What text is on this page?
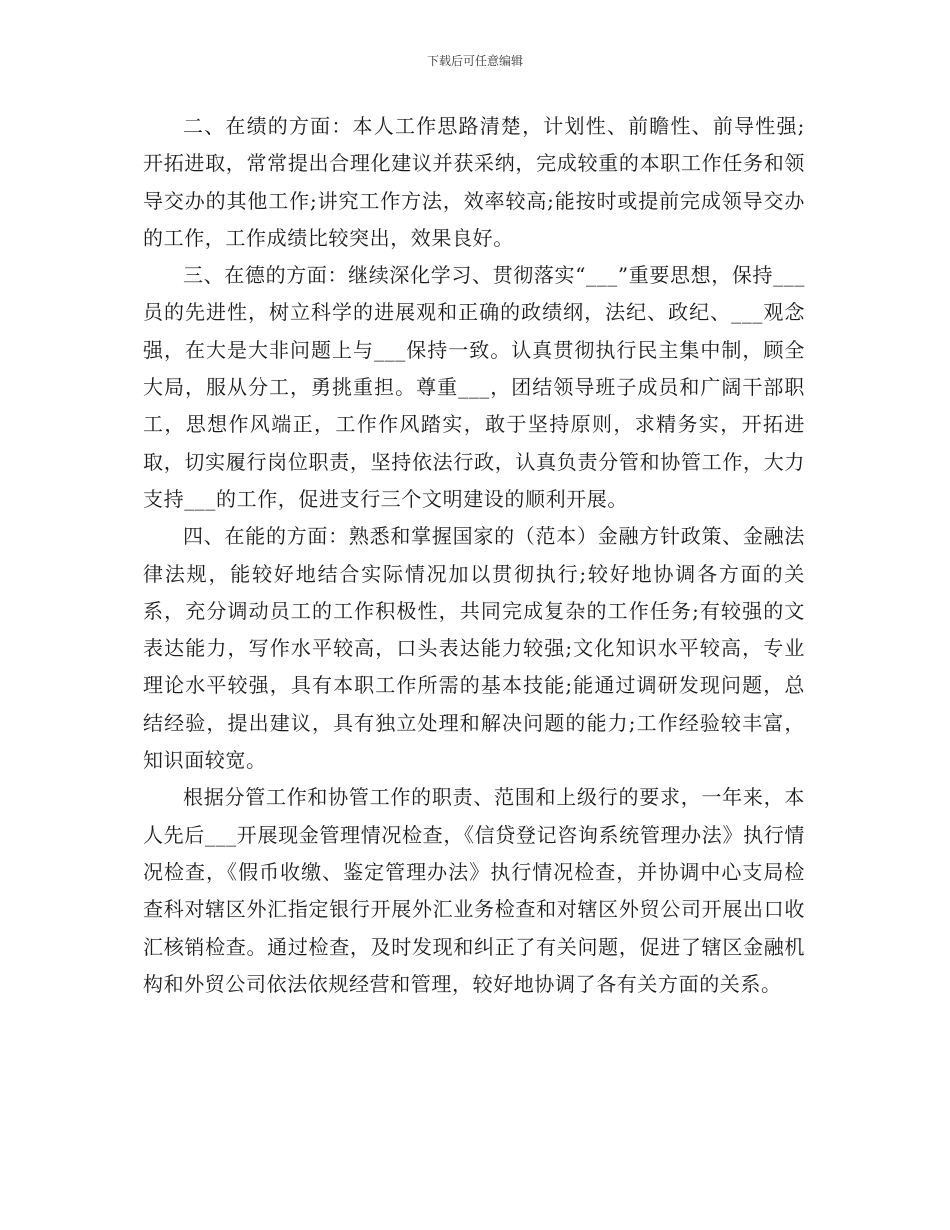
下载后可任意编辑

二、在绩的方面：本人工作思路清楚，计划性、前瞻性、前导性强;开拓进取，常常提出合理化建议并获采纳，完成较重的本职工作任务和领导交办的其他工作;讲究工作方法，效率较高;能按时或提前完成领导交办的工作，工作成绩比较突出，效果良好。

三、在德的方面：继续深化学习、贯彻落实“___”重要思想，保持___员的先进性，树立科学的进展观和正确的政绩纲，法纪、政纪、___观念强，在大是大非问题上与___保持一致。认真贯彻执行民主集中制，顾全大局，服从分工，勇挑重担。尊重___，团结领导班子成员和广阔干部职工，思想作风端正，工作作风踏实，敢于坚持原则，求精务实，开拓进取，切实履行岗位职责，坚持依法行政，认真负责分管和协管工作，大力支持___的工作，促进支行三个文明建设的顺利开展。

四、在能的方面：熟悉和掌握国家的（范本）金融方针政策、金融法律法规，能较好地结合实际情况加以贯彻执行;较好地协调各方面的关系，充分调动员工的工作积极性，共同完成复杂的工作任务;有较强的文表达能力，写作水平较高，口头表达能力较强;文化知识水平较高，专业理论水平较强，具有本职工作所需的基本技能;能通过调研发现问题，总结经验，提出建议，具有独立处理和解决问题的能力;工作经验较丰富，知识面较宽。

根据分管工作和协管工作的职责、范围和上级行的要求，一年来，本人先后___开展现金管理情况检查，《信贷登记咨询系统管理办法》执行情况检查，《假币收缴、鉴定管理办法》执行情况检查，并协调中心支局检查科对辖区外汇指定银行开展外汇业务检查和对辖区外贸公司开展出口收汇核销检查。通过检查，及时发现和纠正了有关问题，促进了辖区金融机构和外贸公司依法依规经营和管理，较好地协调了各有关方面的关系。
